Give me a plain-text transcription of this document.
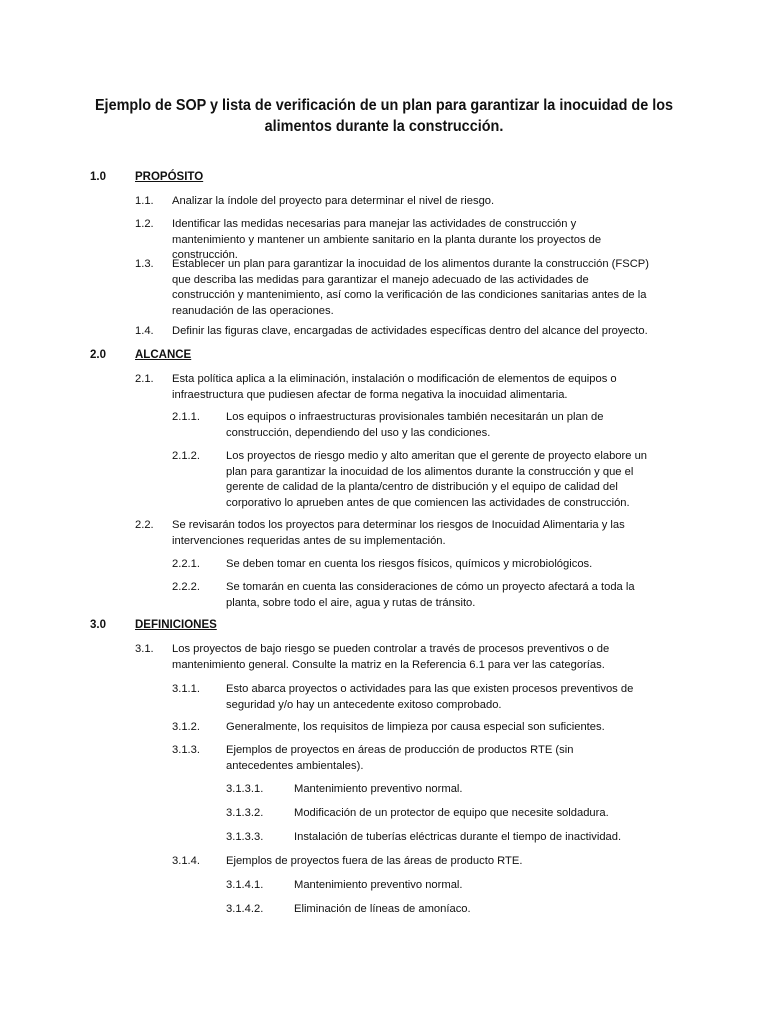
Ejemplo de SOP y lista de verificación de un plan para garantizar la inocuidad de los alimentos durante la construcción.
1.0	PROPÓSITO
1.1. Analizar la índole del proyecto para determinar el nivel de riesgo.
1.2. Identificar las medidas necesarias para manejar las actividades de construcción y mantenimiento y mantener un ambiente sanitario en la planta durante los proyectos de construcción.
1.3. Establecer un plan para garantizar la inocuidad de los alimentos durante la construcción (FSCP) que describa las medidas para garantizar el manejo adecuado de las actividades de construcción y mantenimiento, así como la verificación de las condiciones sanitarias antes de la reanudación de las operaciones.
1.4. Definir las figuras clave, encargadas de actividades específicas dentro del alcance del proyecto.
2.0	ALCANCE
2.1. Esta política aplica a la eliminación, instalación o modificación de elementos de equipos o infraestructura que pudiesen afectar de forma negativa la inocuidad alimentaria.
2.1.1. Los equipos o infraestructuras provisionales también necesitarán un plan de construcción, dependiendo del uso y las condiciones.
2.1.2. Los proyectos de riesgo medio y alto ameritan que el gerente de proyecto elabore un plan para garantizar la inocuidad de los alimentos durante la construcción y que el gerente de calidad de la planta/centro de distribución y el equipo de calidad del corporativo lo aprueben antes de que comiencen las actividades de construcción.
2.2. Se revisarán todos los proyectos para determinar los riesgos de Inocuidad Alimentaria y las intervenciones requeridas antes de su implementación.
2.2.1. Se deben tomar en cuenta los riesgos físicos, químicos y microbiológicos.
2.2.2. Se tomarán en cuenta las consideraciones de cómo un proyecto afectará a toda la planta, sobre todo el aire, agua y rutas de tránsito.
3.0	DEFINICIONES
3.1. Los proyectos de bajo riesgo se pueden controlar a través de procesos preventivos o de mantenimiento general. Consulte la matriz en la Referencia 6.1 para ver las categorías.
3.1.1. Esto abarca proyectos o actividades para las que existen procesos preventivos de seguridad y/o hay un antecedente exitoso comprobado.
3.1.2. Generalmente, los requisitos de limpieza por causa especial son suficientes.
3.1.3. Ejemplos de proyectos en áreas de producción de productos RTE (sin antecedentes ambientales).
3.1.3.1.	Mantenimiento preventivo normal.
3.1.3.2.	Modificación de un protector de equipo que necesite soldadura.
3.1.3.3.	Instalación de tuberías eléctricas durante el tiempo de inactividad.
3.1.4. Ejemplos de proyectos fuera de las áreas de producto RTE.
3.1.4.1.	Mantenimiento preventivo normal.
3.1.4.2.	Eliminación de líneas de amoníaco.
